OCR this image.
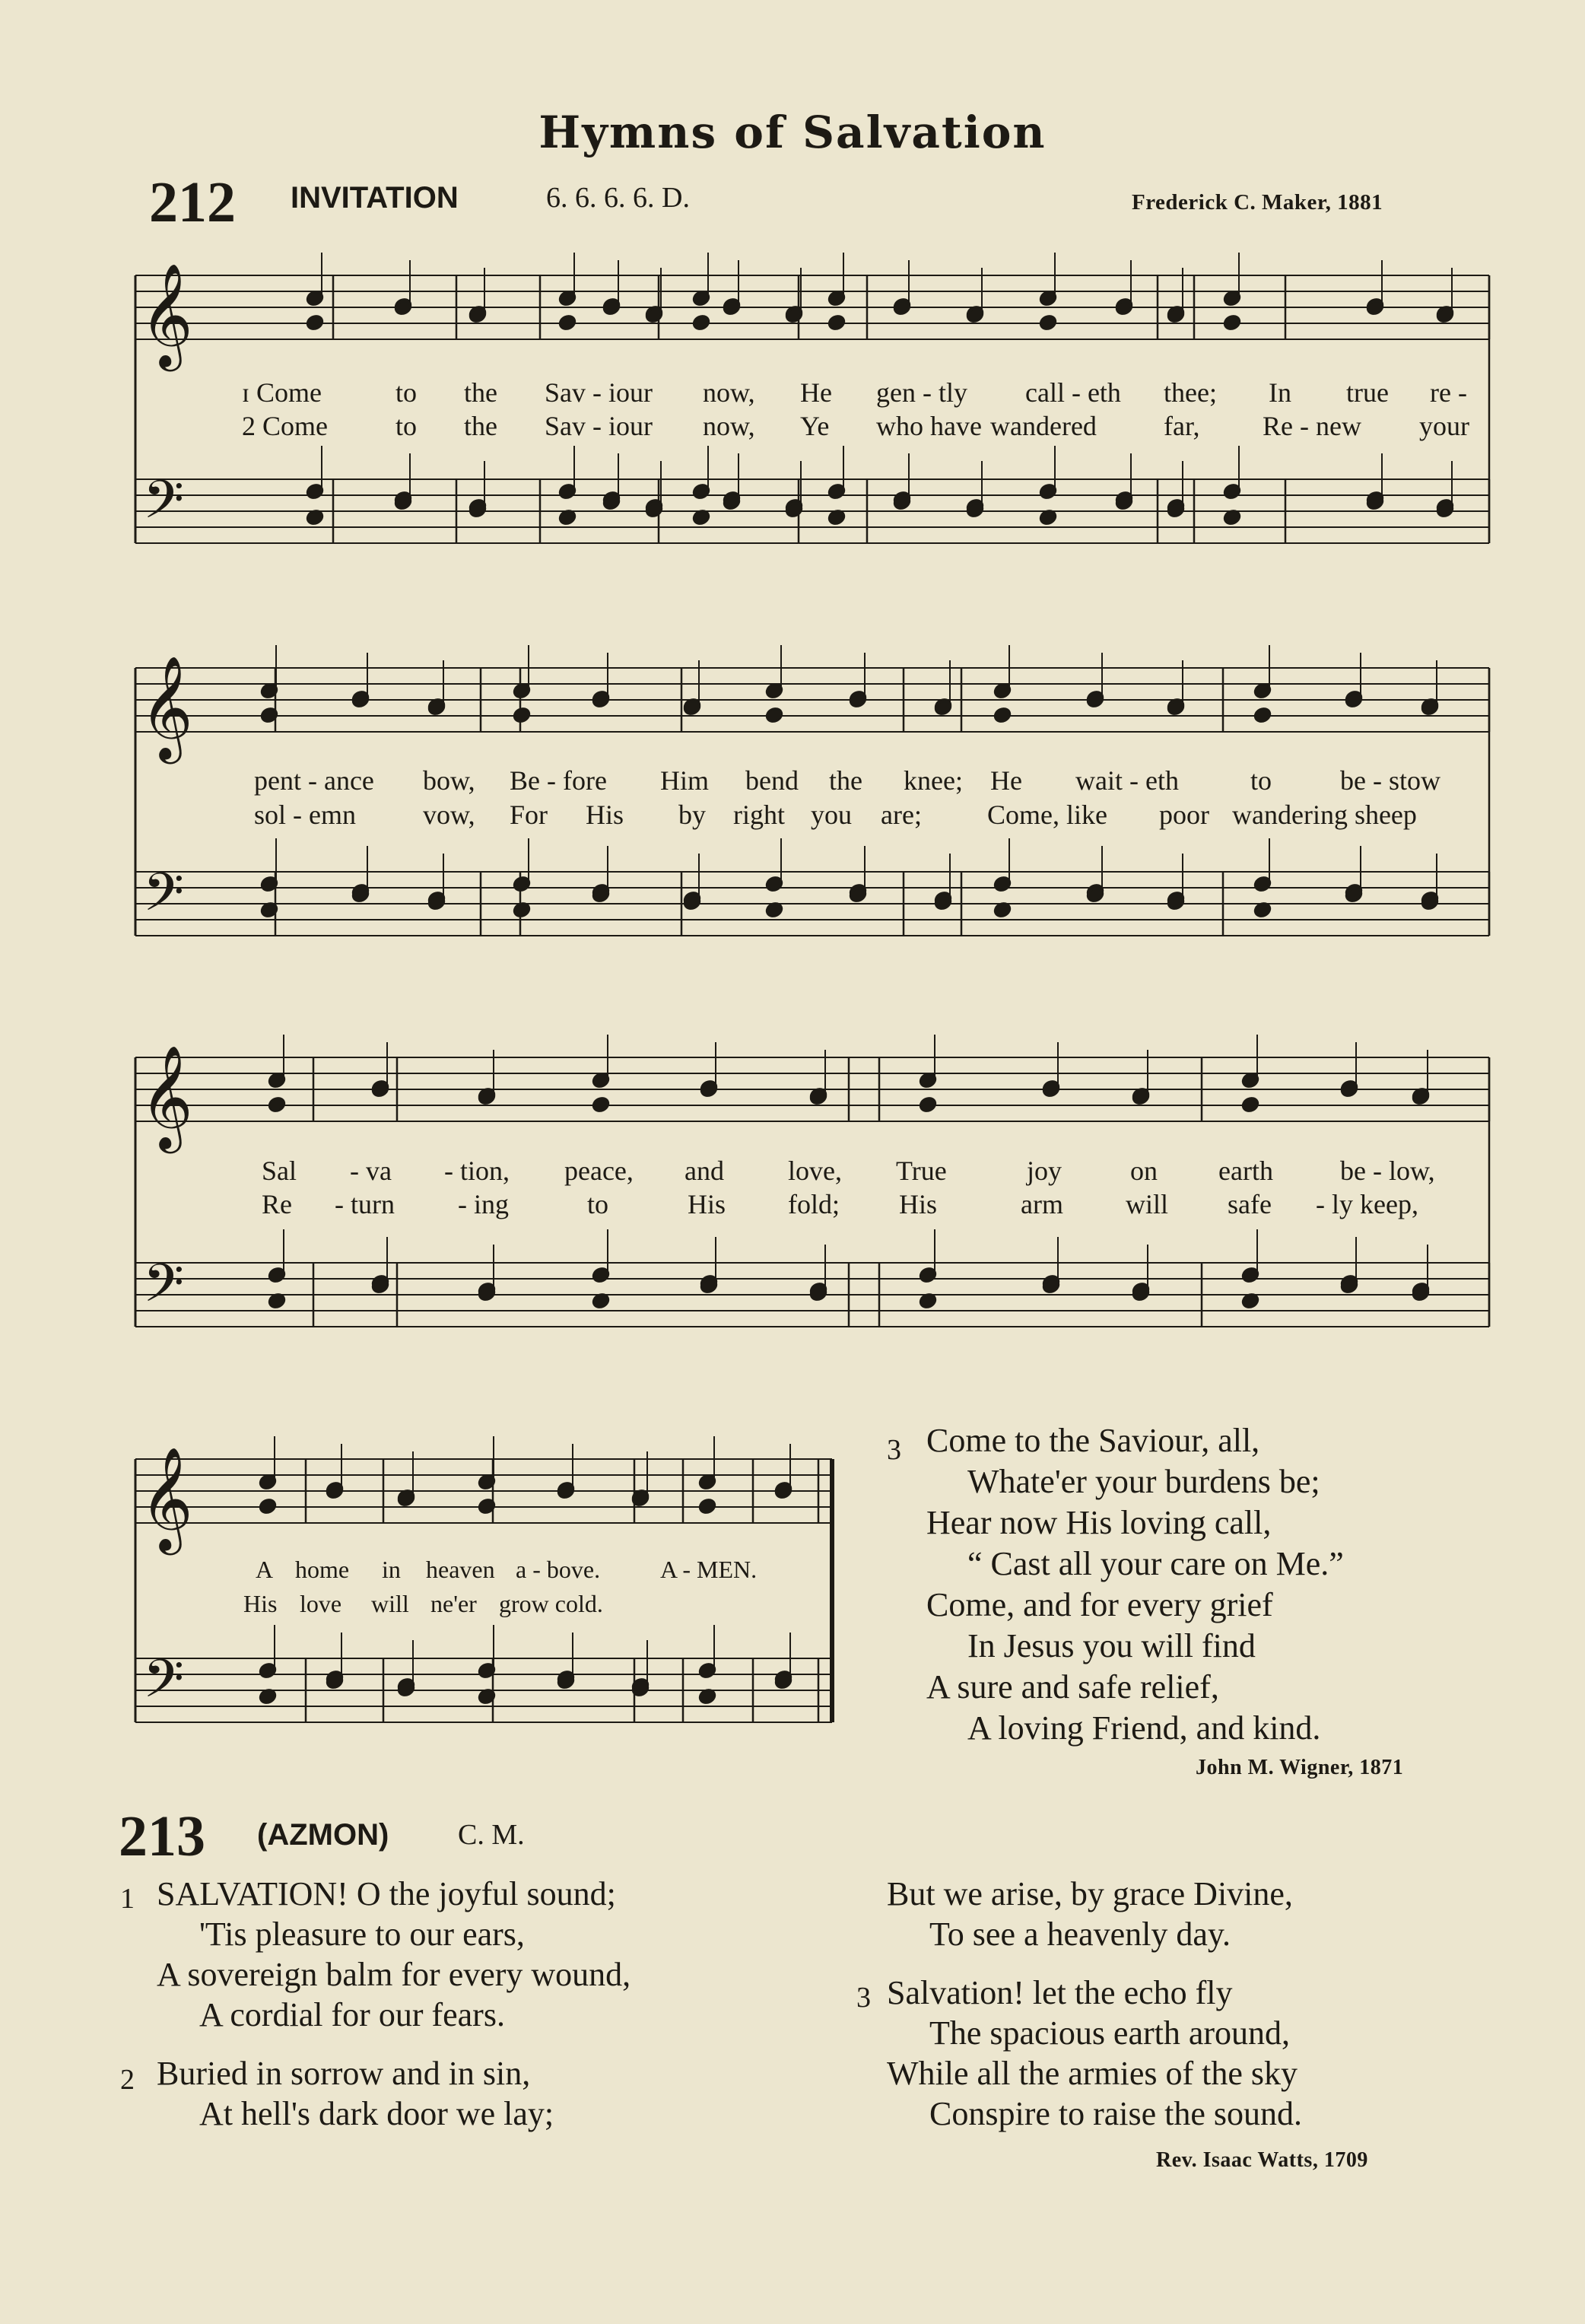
Hymns of Salvation
212 INVITATION	6. 6. 6. 6. D.	Frederick C. Maker, 1881
𝄞
𝄢
𝄞
𝄢
𝄞
𝄢
𝄞
𝄢
ɪ Come	to the Sav - iour now, He gen - tly call - eth thee; In true re -
2 Come to the Sav - iour now, Ye who have wandered far, Re - new your
pent - ance bow, Be - fore Him bend the knee; He wait - eth	to be - stow
sol - emn vow, For His by right you are; Come, like poor wandering sheep
Sal - va - tion, peace, and love, True	joy on earth be - low,
Re - turn - ing	to	His fold; His	arm will safe - ly keep,
A home in heaven a - bove. A - MEN.
His love will ne'er grow cold.
3 Come to the Saviour, all,
Whate'er your burdens be;
Hear now His loving call,
“ Cast all your care on Me.”
Come, and for every grief
In Jesus you will find
A sure and safe relief,
A loving Friend, and kind.
John M. Wigner, 1871
213 (AZMON) C. M.
1 SALVATION! O the joyful sound;
'Tis pleasure to our ears,
A sovereign balm for every wound,
A cordial for our fears.
2 Buried in sorrow and in sin,
At hell's dark door we lay;
But we arise, by grace Divine,
To see a heavenly day.
3 Salvation! let the echo fly
The spacious earth around,
While all the armies of the sky
Conspire to raise the sound.
Rev. Isaac Watts, 1709
